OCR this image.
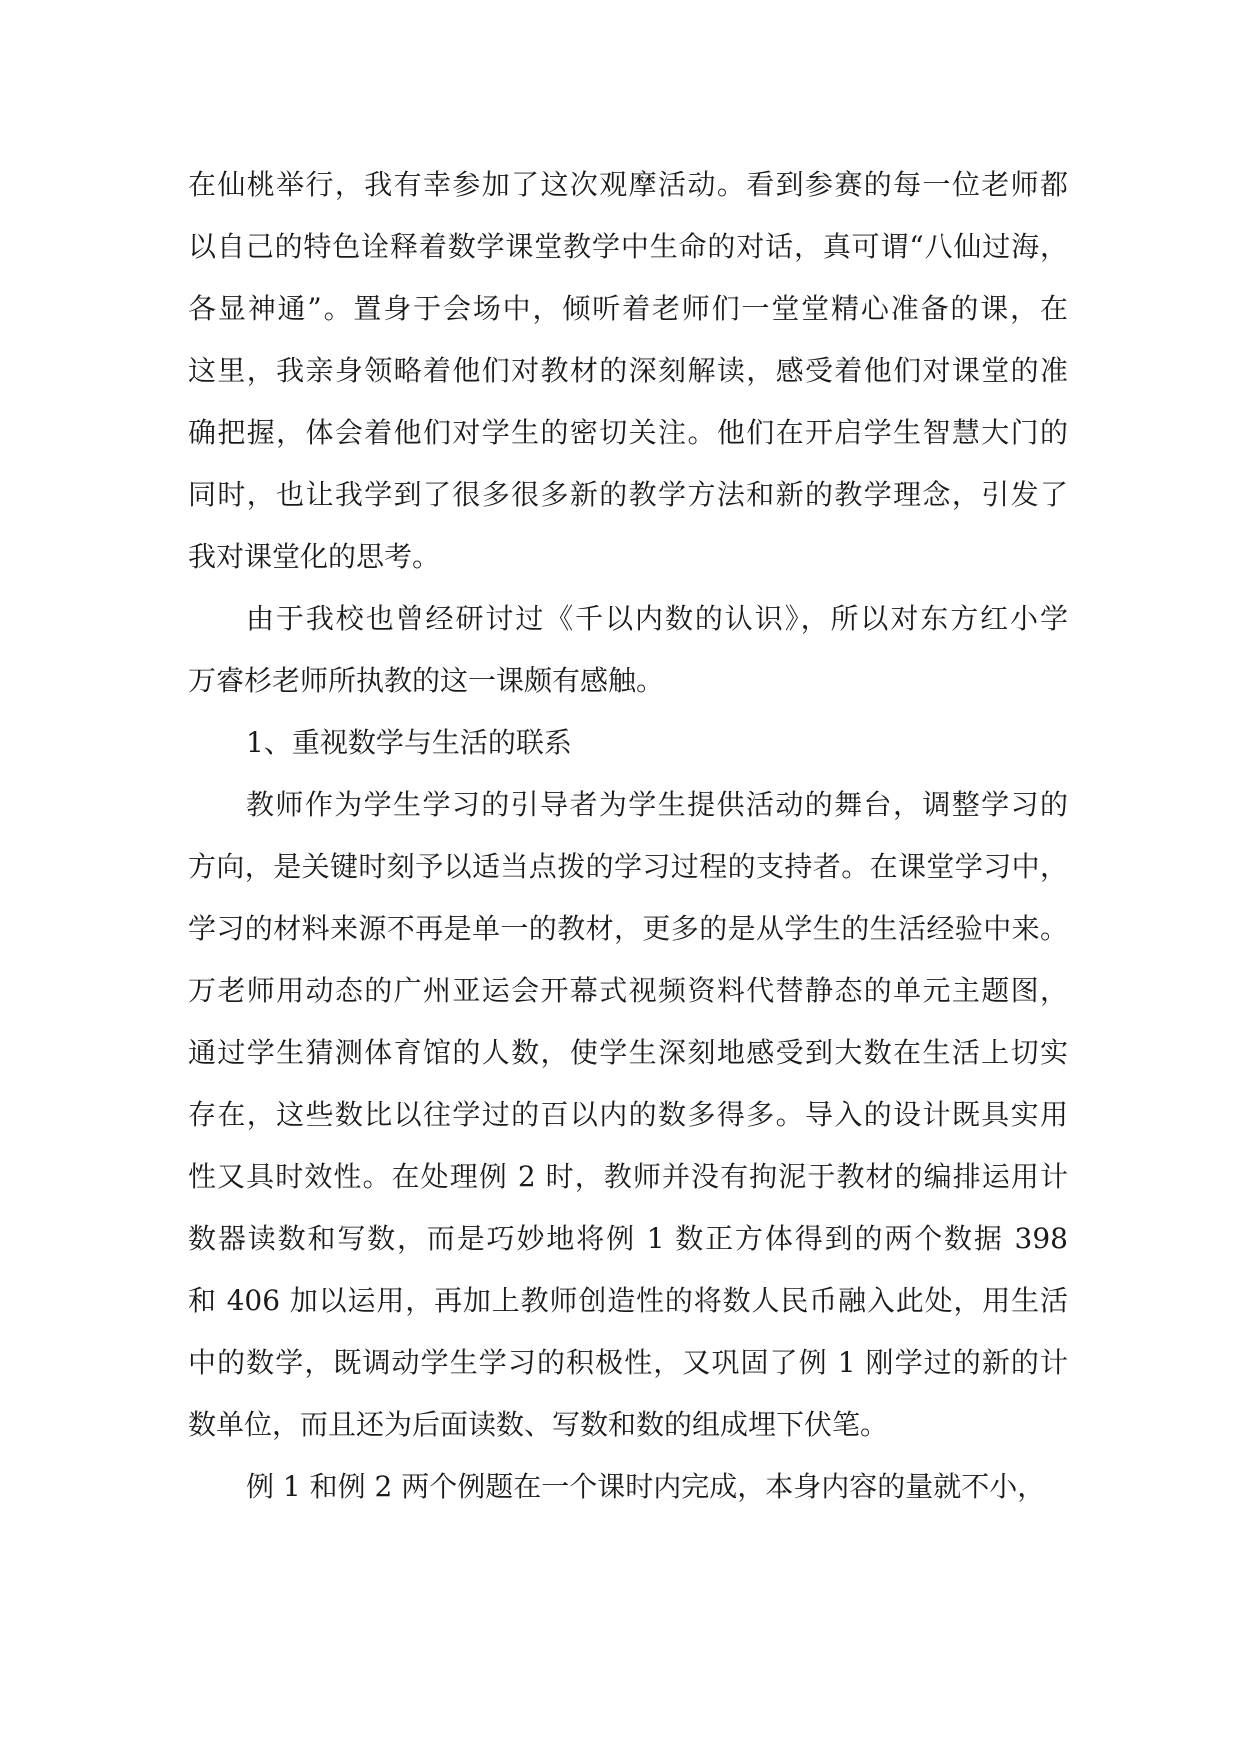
在仙桃举行，我有幸参加了这次观摩活动。看到参赛的每一位老师都
以自己的特色诠释着数学课堂教学中生命的对话，真可谓“八仙过海，
各显神通”。置身于会场中，倾听着老师们一堂堂精心准备的课，在
这里，我亲身领略着他们对教材的深刻解读，感受着他们对课堂的准
确把握，体会着他们对学生的密切关注。他们在开启学生智慧大门的
同时，也让我学到了很多很多新的教学方法和新的教学理念，引发了
我对课堂化的思考。
由于我校也曾经研讨过《千以内数的认识》，所以对东方红小学
万睿杉老师所执教的这一课颇有感触。
1、重视数学与生活的联系
教师作为学生学习的引导者为学生提供活动的舞台，调整学习的
方向，是关键时刻予以适当点拨的学习过程的支持者。在课堂学习中，
学习的材料来源不再是单一的教材，更多的是从学生的生活经验中来。
万老师用动态的广州亚运会开幕式视频资料代替静态的单元主题图，
通过学生猜测体育馆的人数，使学生深刻地感受到大数在生活上切实
存在，这些数比以往学过的百以内的数多得多。导入的设计既具实用
性又具时效性。在处理例 2 时，教师并没有拘泥于教材的编排运用计
数器读数和写数，而是巧妙地将例 1 数正方体得到的两个数据 398
和 406 加以运用，再加上教师创造性的将数人民币融入此处，用生活
中的数学，既调动学生学习的积极性，又巩固了例 1 刚学过的新的计
数单位，而且还为后面读数、写数和数的组成埋下伏笔。
例 1 和例 2 两个例题在一个课时内完成，本身内容的量就不小，
